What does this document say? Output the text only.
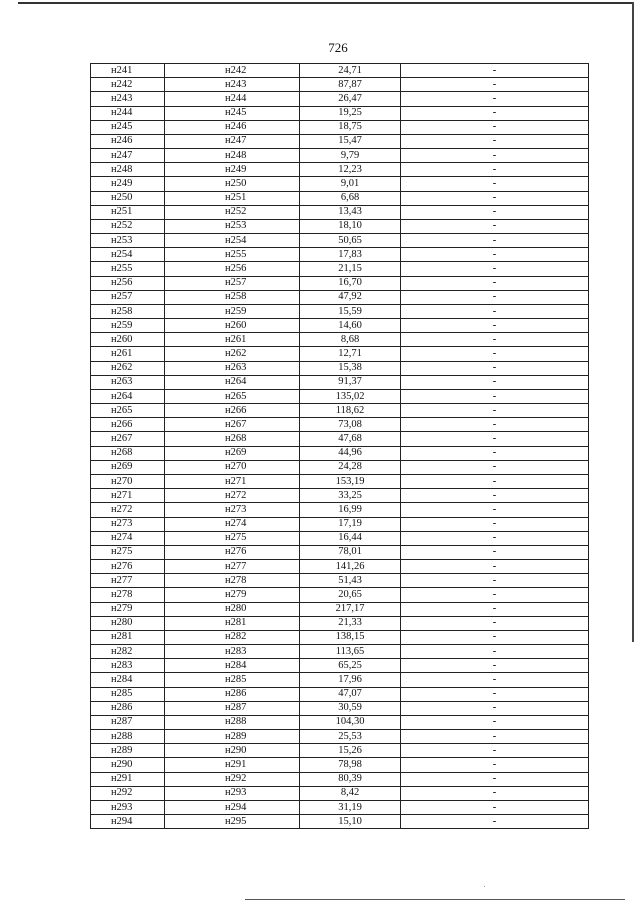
726
н241	н242	24,71	-
н242	н243	87,87	-
н243	н244	26,47	-
н244	н245	19,25	-
н245	н246	18,75	-
н246	н247	15,47	-
н247	н248	9,79	-
н248	н249	12,23	-
н249	н250	9,01	-
н250	н251	6,68	-
н251	н252	13,43	-
н252	н253	18,10	-
н253	н254	50,65	-
н254	н255	17,83	-
н255	н256	21,15	-
н256	н257	16,70	-
н257	н258	47,92	-
н258	н259	15,59	-
н259	н260	14,60	-
н260	н261	8,68	-
н261	н262	12,71	-
н262	н263	15,38	-
н263	н264	91,37	-
н264	н265	135,02	-
н265	н266	118,62	-
н266	н267	73,08	-
н267	н268	47,68	-
н268	н269	44,96	-
н269	н270	24,28	-
н270	н271	153,19	-
н271	н272	33,25	-
н272	н273	16,99	-
н273	н274	17,19	-
н274	н275	16,44	-
н275	н276	78,01	-
н276	н277	141,26	-
н277	н278	51,43	-
н278	н279	20,65	-
н279	н280	217,17	-
н280	н281	21,33	-
н281	н282	138,15	-
н282	н283	113,65	-
н283	н284	65,25	-
н284	н285	17,96	-
н285	н286	47,07	-
н286	н287	30,59	-
н287	н288	104,30	-
н288	н289	25,53	-
н289	н290	15,26	-
н290	н291	78,98	-
н291	н292	80,39	-
н292	н293	8,42	-
н293	н294	31,19	-
н294	н295	15,10	-
